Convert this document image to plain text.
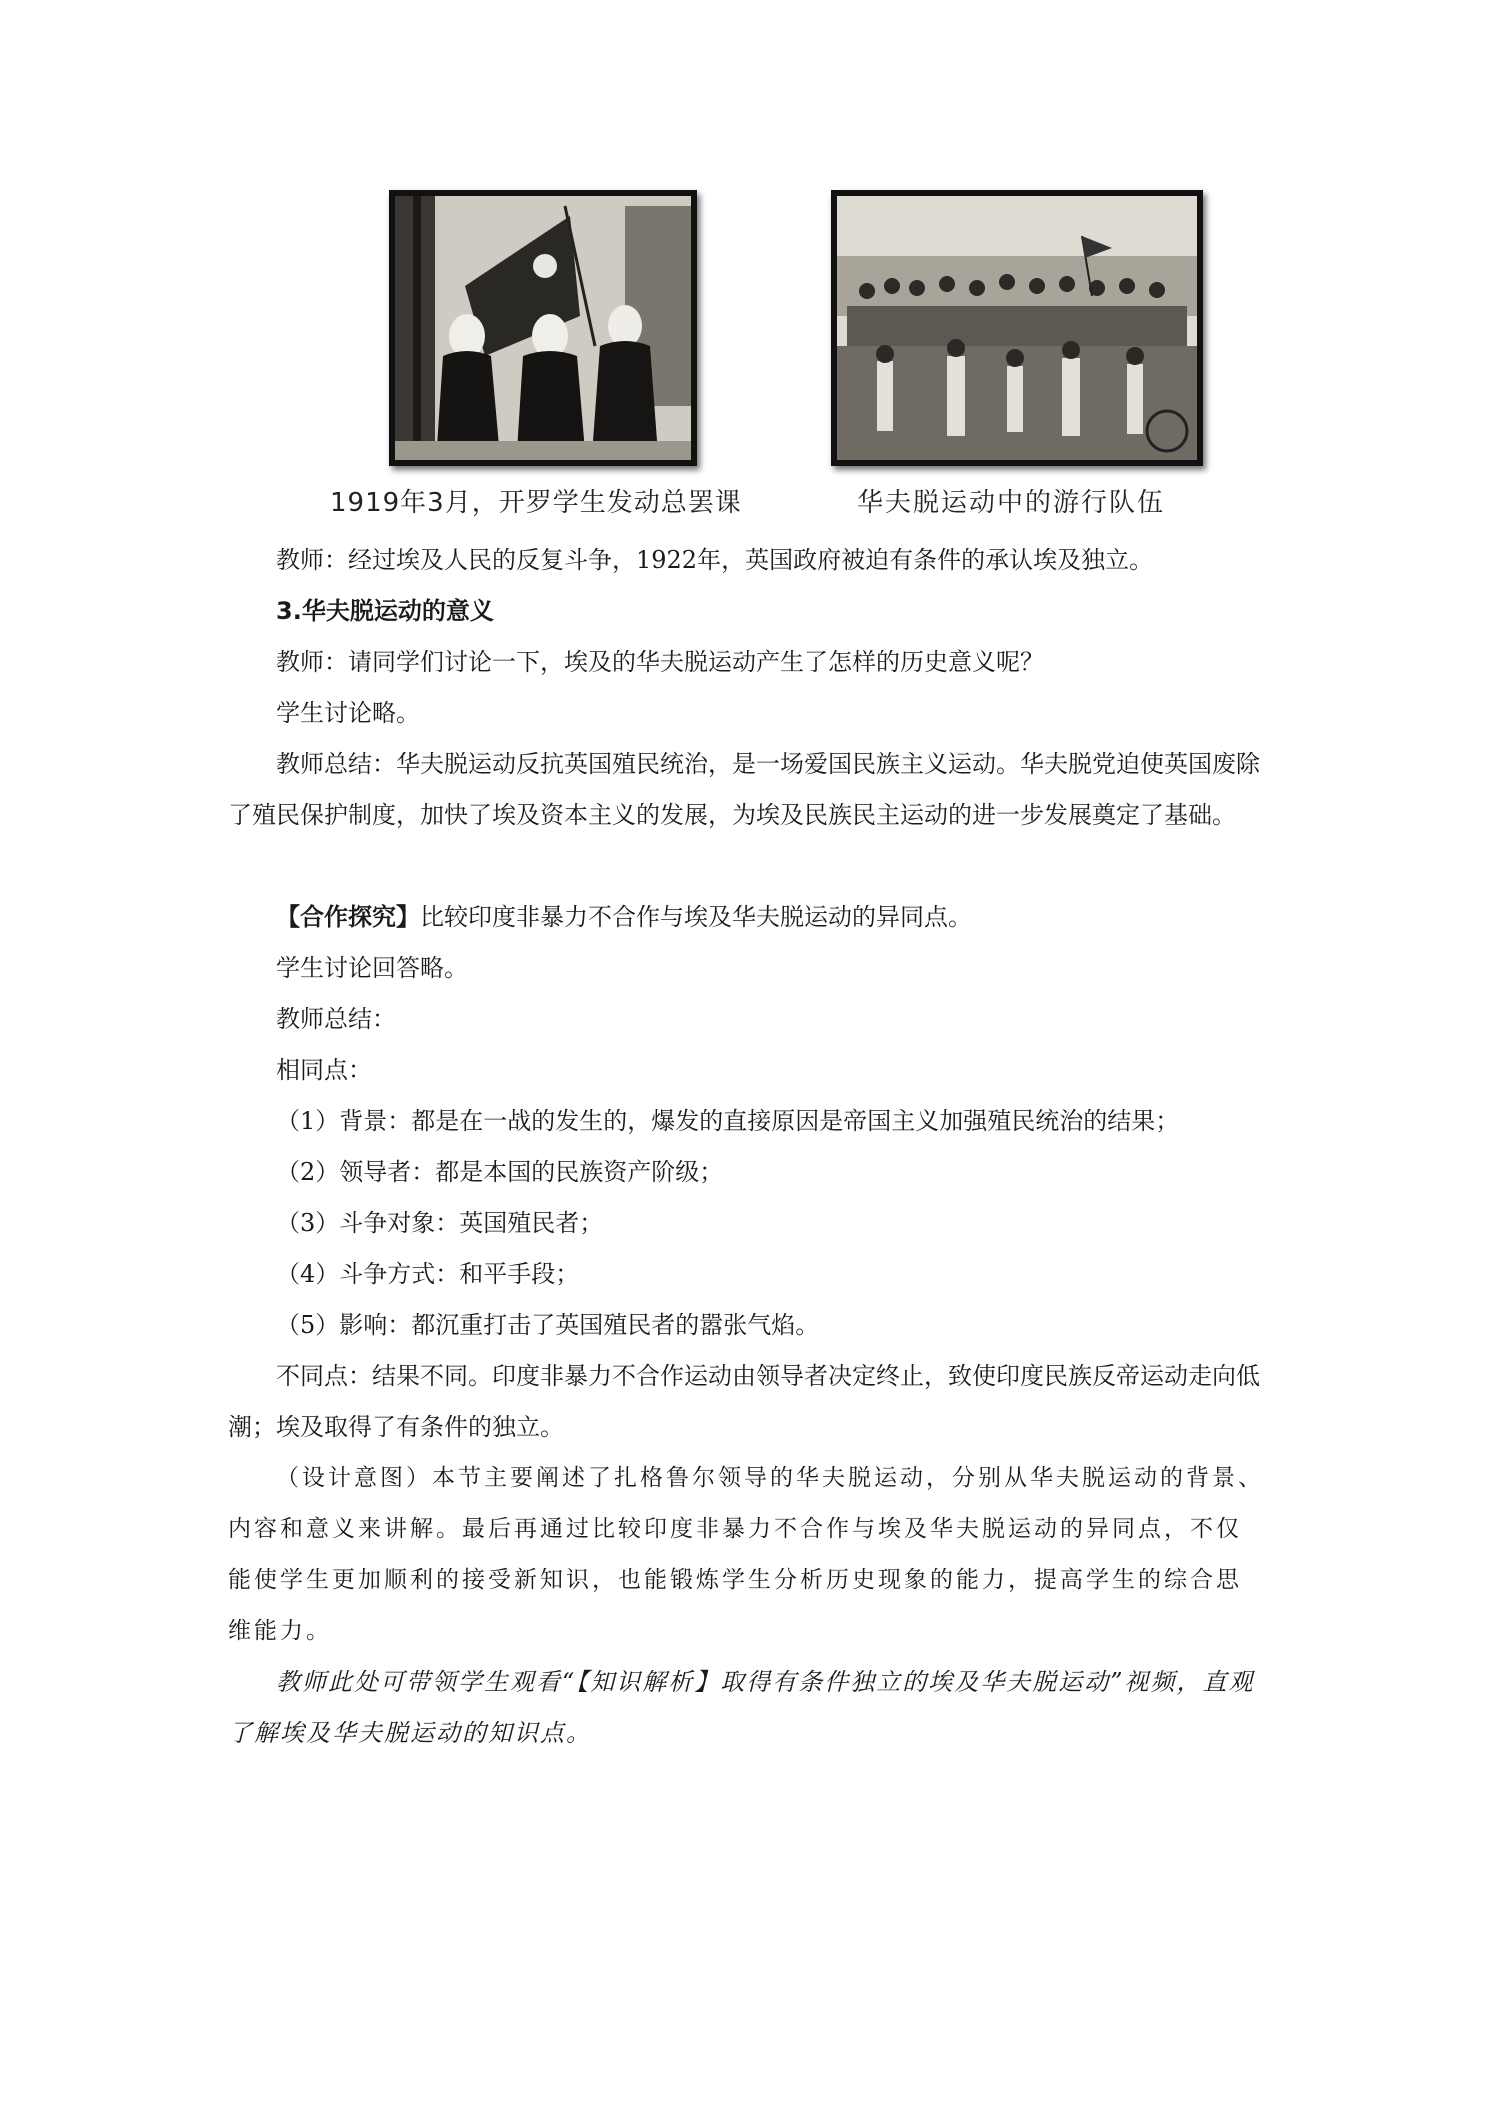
1919年3月，开罗学生发动总罢课	华夫脱运动中的游行队伍

教师：经过埃及人民的反复斗争，1922年，英国政府被迫有条件的承认埃及独立。

3.华夫脱运动的意义

教师：请同学们讨论一下，埃及的华夫脱运动产生了怎样的历史意义呢？

学生讨论略。

教师总结：华夫脱运动反抗英国殖民统治，是一场爱国民族主义运动。华夫脱党迫使英国废除了殖民保护制度，加快了埃及资本主义的发展，为埃及民族民主运动的进一步发展奠定了基础。

【合作探究】比较印度非暴力不合作与埃及华夫脱运动的异同点。

学生讨论回答略。

教师总结：

相同点：

（1）背景：都是在一战的发生的，爆发的直接原因是帝国主义加强殖民统治的结果；

（2）领导者：都是本国的民族资产阶级；

（3）斗争对象：英国殖民者；

（4）斗争方式：和平手段；

（5）影响：都沉重打击了英国殖民者的嚣张气焰。

不同点：结果不同。印度非暴力不合作运动由领导者决定终止，致使印度民族反帝运动走向低潮；埃及取得了有条件的独立。

（设计意图）本节主要阐述了扎格鲁尔领导的华夫脱运动，分别从华夫脱运动的背景、内容和意义来讲解。最后再通过比较印度非暴力不合作与埃及华夫脱运动的异同点，不仅能使学生更加顺利的接受新知识，也能锻炼学生分析历史现象的能力，提高学生的综合思维能力。

教师此处可带领学生观看“【知识解析】取得有条件独立的埃及华夫脱运动”视频，直观了解埃及华夫脱运动的知识点。
